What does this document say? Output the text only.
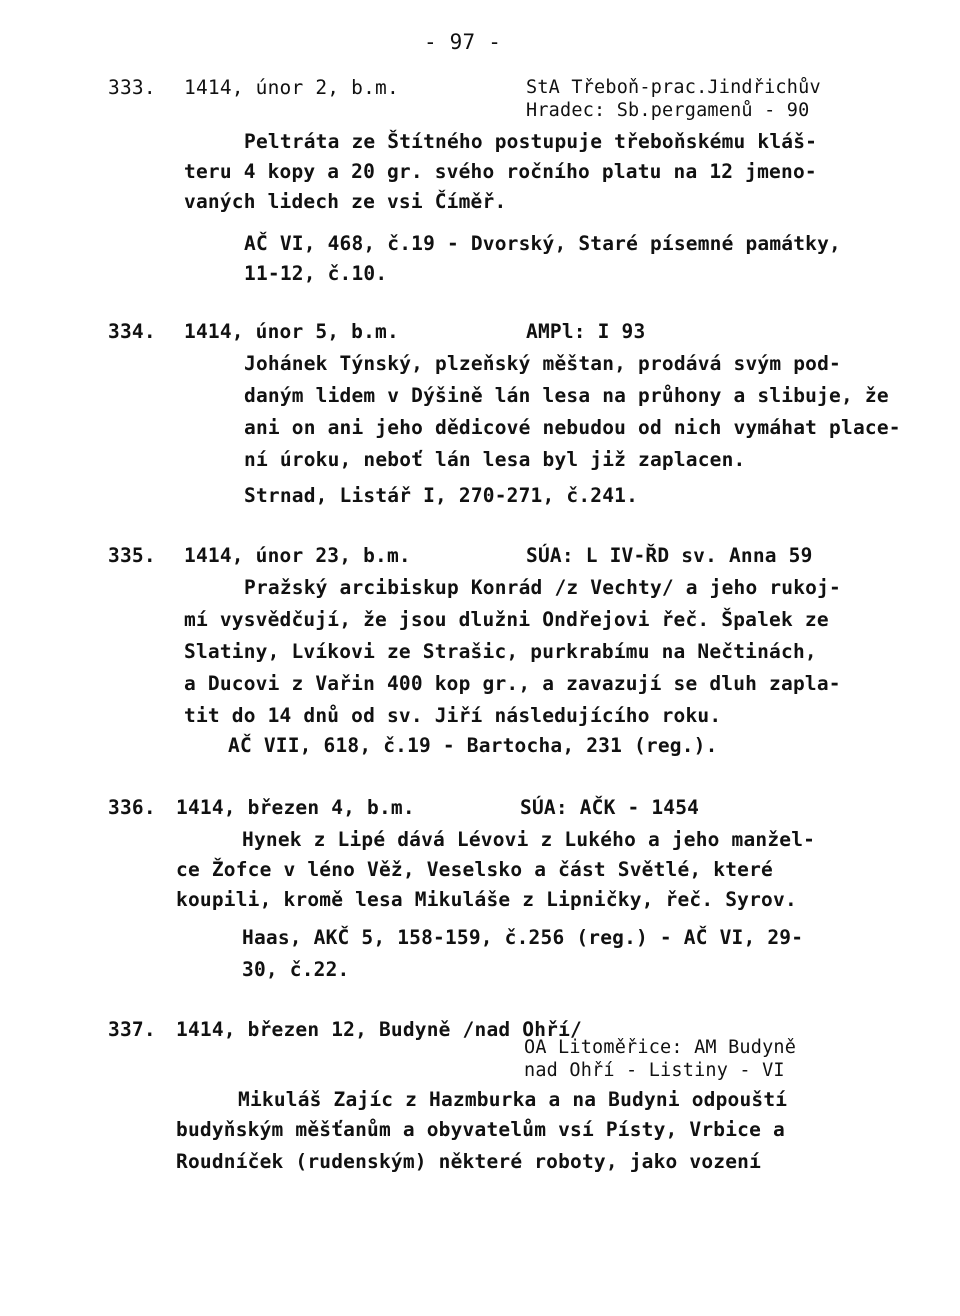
- 97 -
333. 1414, únor 2, b.m.	StA Třeboň-prac.Jindřichův
Hradec: Sb.pergamenů - 90
Peltráta ze Štítného postupuje třeboňskému kláš-
teru 4 kopy a 20 gr. svého ročního platu na 12 jmeno-
vaných lidech ze vsi Číměř.
AČ VI, 468, č.19 - Dvorský, Staré písemné památky,
11-12, č.10.
334. 1414, únor 5, b.m.	AMPl: I 93
Johánek Týnský, plzeňský měštan, prodává svým pod-
daným lidem v Dýšině lán lesa na průhony a slibuje, že
ani on ani jeho dědicové nebudou od nich vymáhat place-
ní úroku, neboť lán lesa byl již zaplacen.
Strnad, Listář I, 270-271, č.241.
335. 1414, únor 23, b.m.	SÚA: L IV-ŘD sv. Anna 59
Pražský arcibiskup Konrád /z Vechty/ a jeho rukoj-
mí vysvědčují, že jsou dlužni Ondřejovi řeč. Špalek ze
Slatiny, Lvíkovi ze Strašic, purkrabímu na Nečtinách,
a Ducovi z Vařin 400 kop gr., a zavazují se dluh zapla-
tit do 14 dnů od sv. Jiří následujícího roku.
AČ VII, 618, č.19 - Bartocha, 231 (reg.).
336. 1414, březen 4, b.m.	SÚA: AČK - 1454
Hynek z Lipé dává Lévovi z Lukého a jeho manžel-
ce Žofce v léno Věž, Veselsko a část Světlé, které
koupili, kromě lesa Mikuláše z Lipničky, řeč. Syrov.
Haas, AKČ 5, 158-159, č.256 (reg.) - AČ VI, 29-
30, č.22.
337. 1414, březen 12, Budyně /nad Ohří/
OA Litoměřice: AM Budyně
nad Ohří - Listiny - VI
Mikuláš Zajíc z Hazmburka a na Budyni odpouští
budyňským měšťanům a obyvatelům vsí Písty, Vrbice a
Roudníček (rudenským) některé roboty, jako vození
